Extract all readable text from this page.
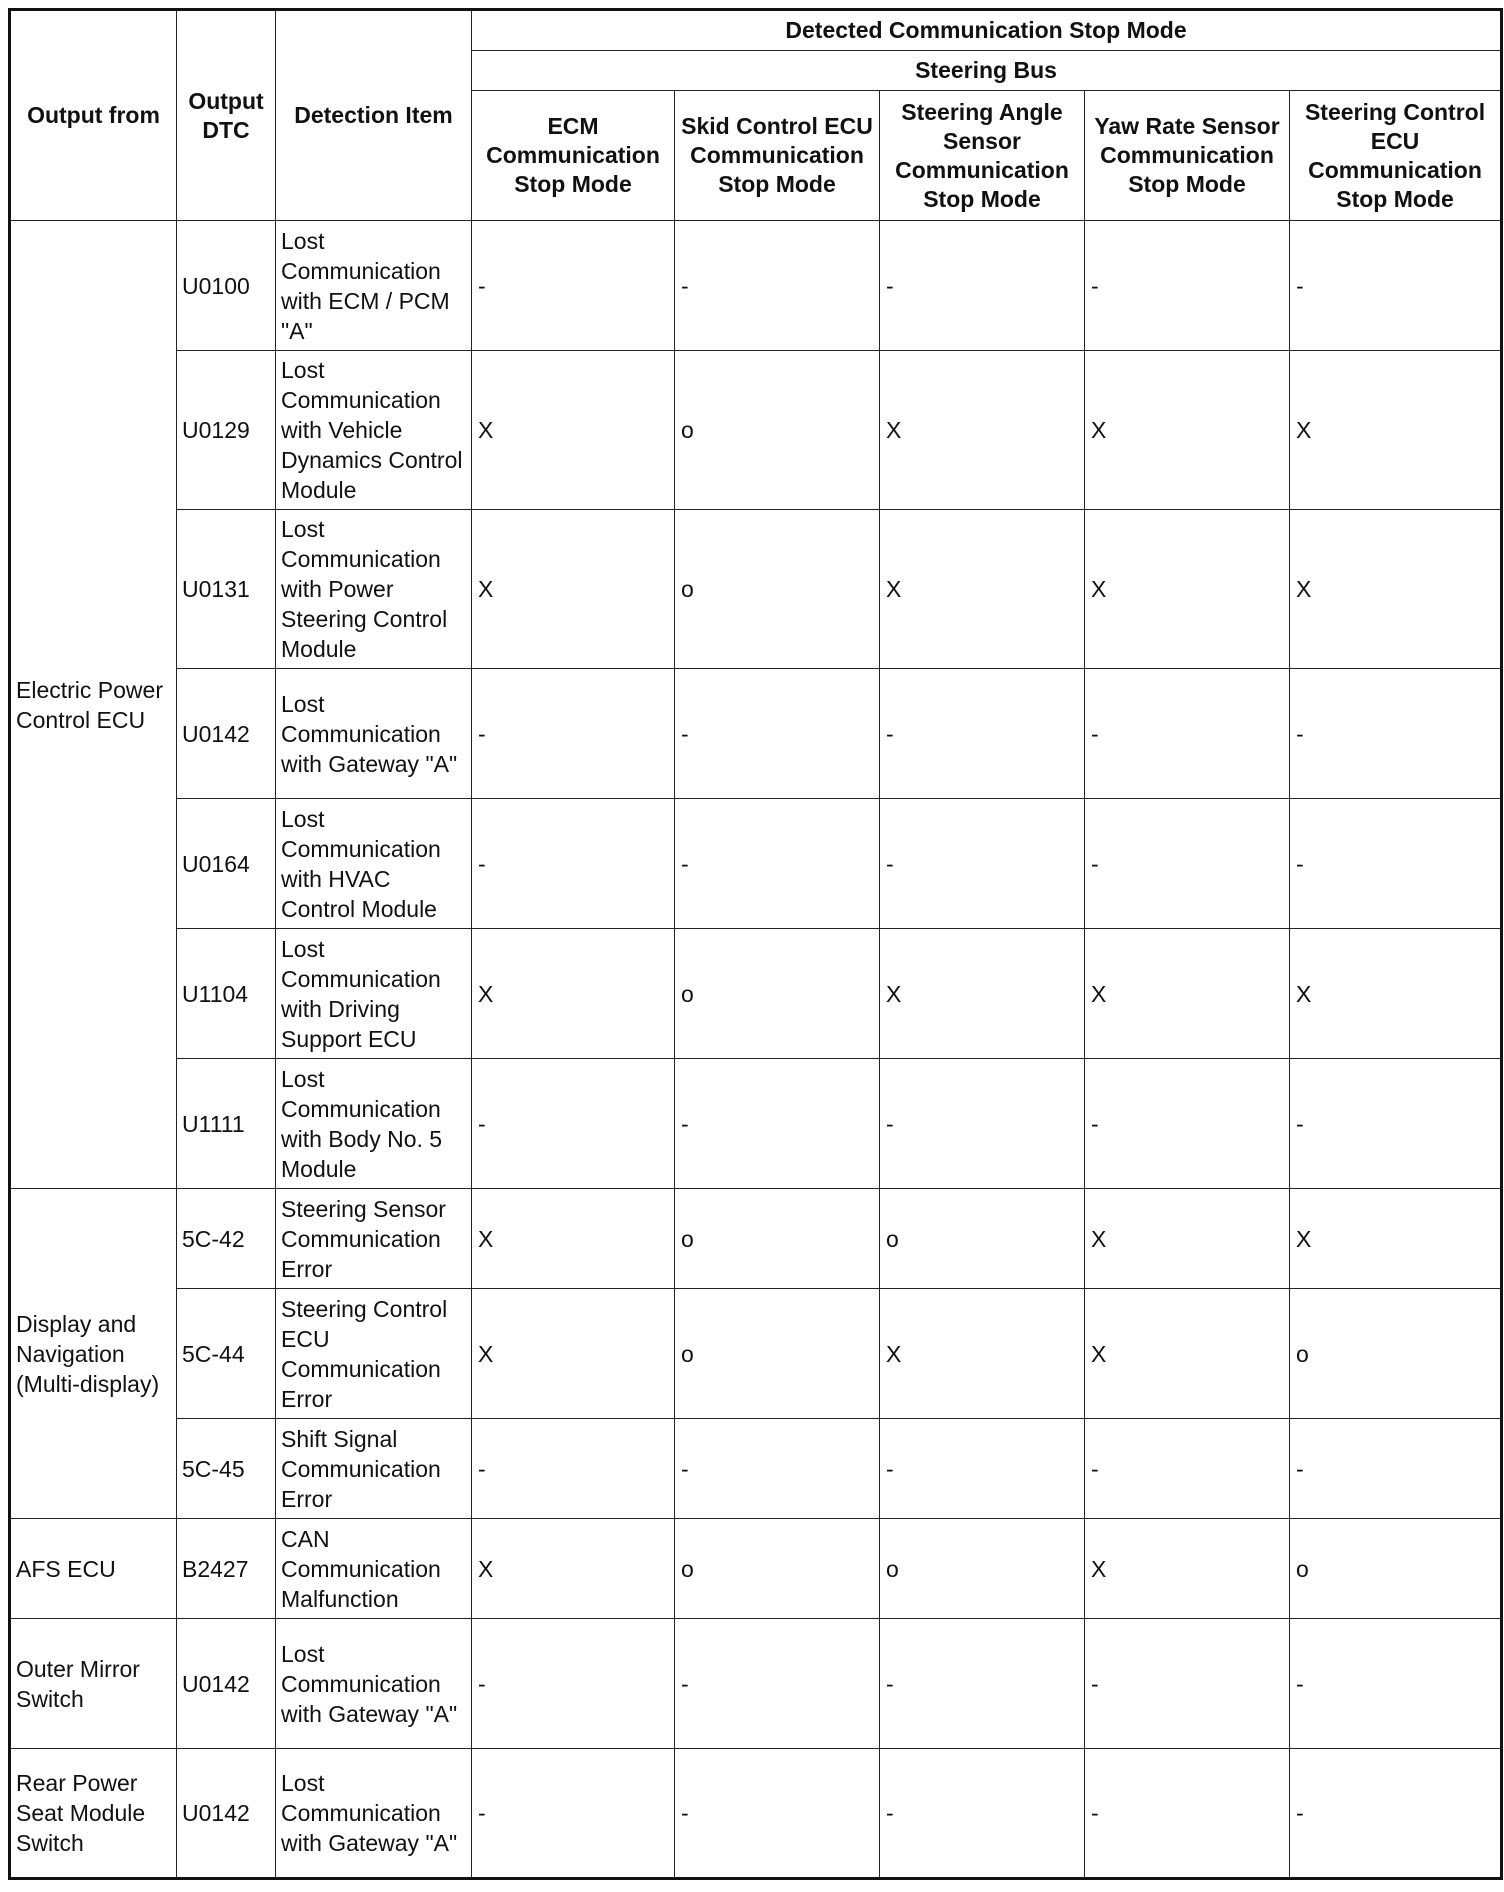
Output from	Output DTC	Detection Item	Detected Communication Stop Mode				
			Steering Bus				
			ECM Communication Stop Mode	Skid Control ECU Communication Stop Mode	Steering Angle Sensor Communication Stop Mode	Yaw Rate Sensor Communication Stop Mode	Steering Control ECU Communication Stop Mode
Electric Power Control ECU	U0100	Lost Communication with ECM / PCM "A"	-	-	-	-	-
	U0129	Lost Communication with Vehicle Dynamics Control Module	X	o	X	X	X
	U0131	Lost Communication with Power Steering Control Module	X	o	X	X	X
	U0142	Lost Communication with Gateway "A"	-	-	-	-	-
	U0164	Lost Communication with HVAC Control Module	-	-	-	-	-
	U1104	Lost Communication with Driving Support ECU	X	o	X	X	X
	U1111	Lost Communication with Body No. 5 Module	-	-	-	-	-
Display and Navigation (Multi-display)	5C-42	Steering Sensor Communication Error	X	o	o	X	X
	5C-44	Steering Control ECU Communication Error	X	o	X	X	o
	5C-45	Shift Signal Communication Error	-	-	-	-	-
AFS ECU	B2427	CAN Communication Malfunction	X	o	o	X	o
Outer Mirror Switch	U0142	Lost Communication with Gateway "A"	-	-	-	-	-
Rear Power Seat Module Switch	U0142	Lost Communication with Gateway "A"	-	-	-	-	-
